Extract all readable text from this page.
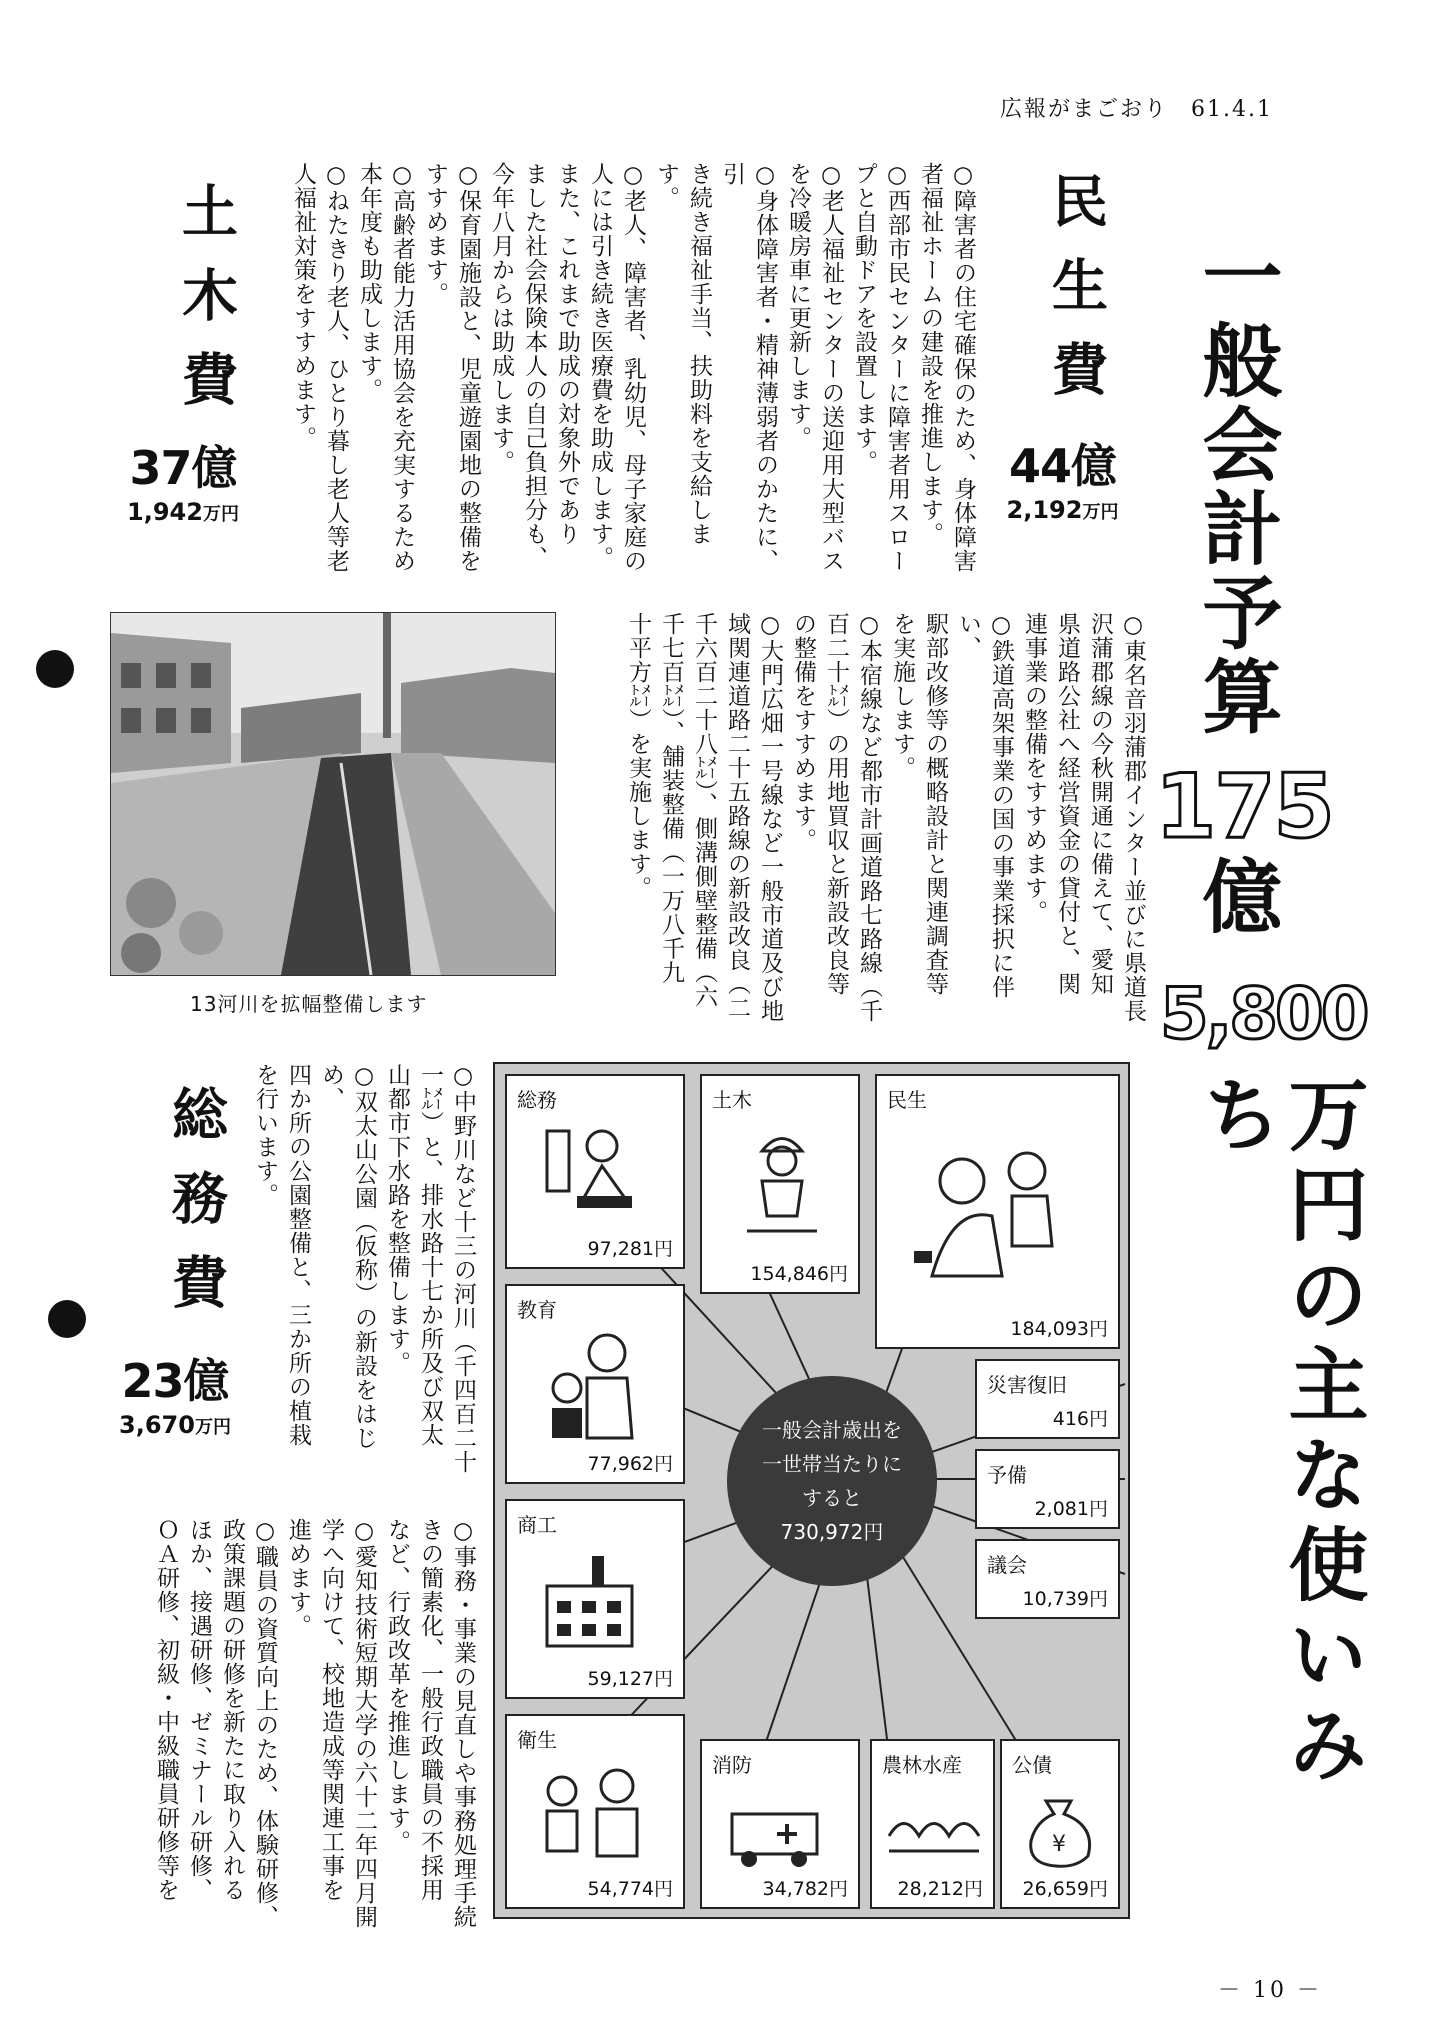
広報がまごおり 61.4.1
一般会計予算
175
億
5,800
万円の主な使いみち
民生費
44億
2,192万円
○障害者の住宅確保のため、身体障害
者福祉ホームの建設を推進します。
○西部市民センターに障害者用スロー
プと自動ドアを設置します。
○老人福祉センターの送迎用大型バス
を冷暖房車に更新します。
○身体障害者・精神薄弱者のかたに、引
き続き福祉手当、扶助料を支給します。
○老人、障害者、乳幼児、母子家庭の
人には引き続き医療費を助成します。
また、これまで助成の対象外であり
ました社会保険本人の自己負担分も、
今年八月からは助成します。
○保育園施設と、児童遊園地の整備を
すすめます。
○高齢者能力活用協会を充実するため
本年度も助成します。
○ねたきり老人、ひとり暮し老人等老
人福祉対策をすすめます。
土木費
37億
1,942万円
○東名音羽蒲郡インター並びに県道長
沢蒲郡線の今秋開通に備えて、愛知
県道路公社へ経営資金の貸付と、関
連事業の整備をすすめます。
○鉄道高架事業の国の事業採択に伴い、
駅部改修等の概略設計と関連調査等
を実施します。
○本宿線など都市計画道路七路線（千
百二十㍍）の用地買収と新設改良等
の整備をすすめます。
○大門広畑一号線など一般市道及び地
域関連道路二十五路線の新設改良（二
千六百二十八㍍）、側溝側壁整備（六
千七百㍍）、舗装整備（一万八千九
十平方㍍）を実施します。
○中野川など十三の河川（千四百二十
一㍍）と、排水路十七か所及び双太
山都市下水路を整備します。
○双太山公園（仮称）の新設をはじめ、
四か所の公園整備と、三か所の植栽
を行います。
13河川を拡幅整備します
総務費
23億
3,670万円
○事務・事業の見直しや事務処理手続
きの簡素化、一般行政職員の不採用
など、行政改革を推進します。
○愛知技術短期大学の六十二年四月開
学へ向けて、校地造成等関連工事を
進めます。
○職員の資質向上のため、体験研修、
政策課題の研修を新たに取り入れる
ほか、接遇研修、ゼミナール研修、
ＯＡ研修、初級・中級職員研修等を
一般会計歳出を
一世帯当たりに
すると
730,972円
総務
97,281円
土木
154,846円
民生
184,093円
教育
77,962円
災害復旧
416円
予備
2,081円
議会
10,739円
商工
59,127円
衛生
54,774円
消防
34,782円
農林水産
28,212円
公債
¥
26,659円
－ 10 －
